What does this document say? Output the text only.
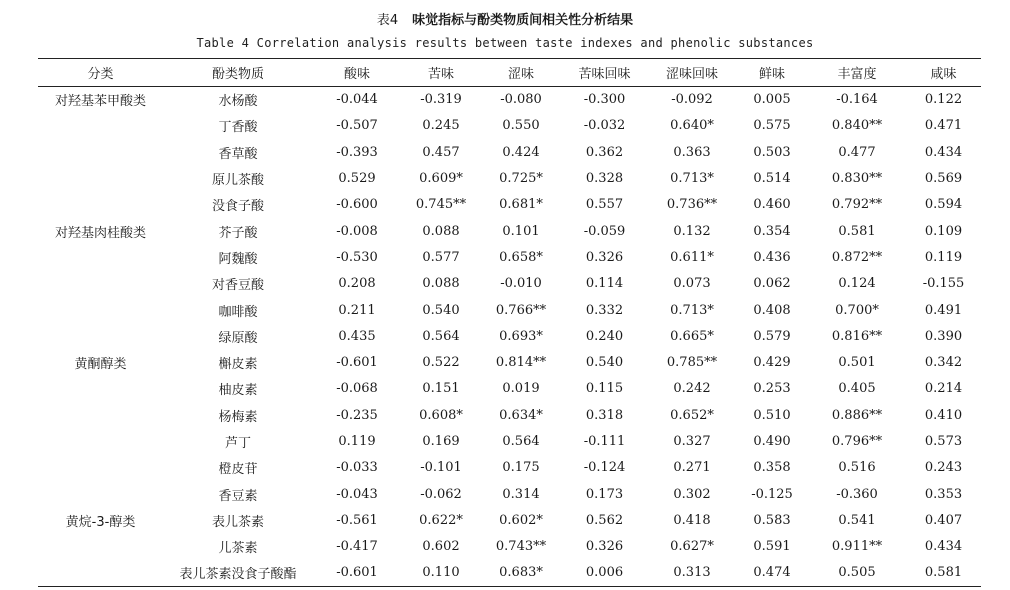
表4 味觉指标与酚类物质间相关性分析结果
Table 4 Correlation analysis results between taste indexes and phenolic substances
分类	酚类物质	酸味	苦味	涩味	苦味回味	涩味回味	鲜味	丰富度	咸味
对羟基苯甲酸类	水杨酸	-0.044	-0.319	-0.080	-0.300	-0.092	0.005	-0.164	0.122
	丁香酸	-0.507	0.245	0.550	-0.032	0.640*	0.575	0.840**	0.471
	香草酸	-0.393	0.457	0.424	0.362	0.363	0.503	0.477	0.434
	原儿茶酸	0.529	0.609*	0.725*	0.328	0.713*	0.514	0.830**	0.569
	没食子酸	-0.600	0.745**	0.681*	0.557	0.736**	0.460	0.792**	0.594
对羟基肉桂酸类	芥子酸	-0.008	0.088	0.101	-0.059	0.132	0.354	0.581	0.109
	阿魏酸	-0.530	0.577	0.658*	0.326	0.611*	0.436	0.872**	0.119
	对香豆酸	0.208	0.088	-0.010	0.114	0.073	0.062	0.124	-0.155
	咖啡酸	0.211	0.540	0.766**	0.332	0.713*	0.408	0.700*	0.491
	绿原酸	0.435	0.564	0.693*	0.240	0.665*	0.579	0.816**	0.390
黄酮醇类	槲皮素	-0.601	0.522	0.814**	0.540	0.785**	0.429	0.501	0.342
	柚皮素	-0.068	0.151	0.019	0.115	0.242	0.253	0.405	0.214
	杨梅素	-0.235	0.608*	0.634*	0.318	0.652*	0.510	0.886**	0.410
	芦丁	0.119	0.169	0.564	-0.111	0.327	0.490	0.796**	0.573
	橙皮苷	-0.033	-0.101	0.175	-0.124	0.271	0.358	0.516	0.243
	香豆素	-0.043	-0.062	0.314	0.173	0.302	-0.125	-0.360	0.353
黄烷-3-醇类	表儿茶素	-0.561	0.622*	0.602*	0.562	0.418	0.583	0.541	0.407
	儿茶素	-0.417	0.602	0.743**	0.326	0.627*	0.591	0.911**	0.434
	表儿茶素没食子酸酯	-0.601	0.110	0.683*	0.006	0.313	0.474	0.505	0.581
